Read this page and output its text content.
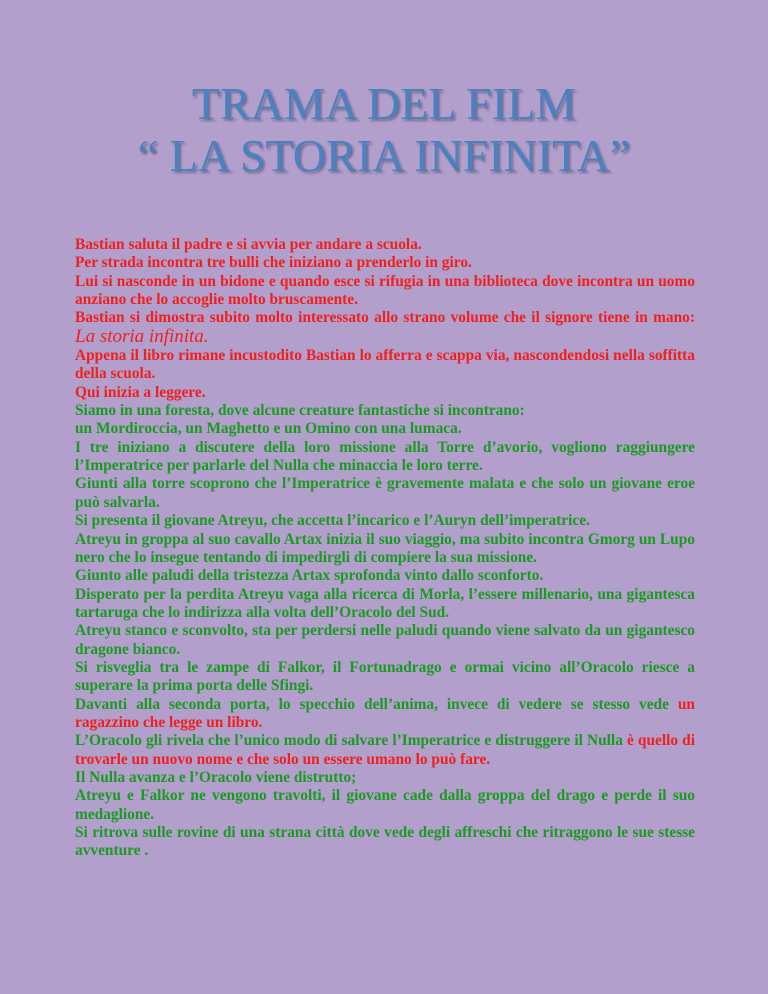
TRAMA DEL FILM
“ LA STORIA INFINITA”

Bastian saluta il padre e si avvia per andare a scuola.

Per strada incontra tre bulli che iniziano a prenderlo in giro.

Lui si nasconde in un bidone e quando esce si rifugia in una biblioteca dove incontra un uomo anziano che lo accoglie molto bruscamente.

Bastian si dimostra subito molto interessato allo strano volume che il signore tiene in mano: La storia infinita.

Appena il libro rimane incustodito Bastian lo afferra e scappa via, nascondendosi nella soffitta della scuola.

Qui inizia a leggere.

Siamo in una foresta, dove alcune creature fantastiche si incontrano:

un Mordiroccia, un Maghetto e un Omino con una lumaca.

I tre iniziano a discutere della loro missione alla Torre d’avorio, vogliono raggiungere l’Imperatrice per parlarle del Nulla che minaccia le loro terre.

Giunti alla torre scoprono che l’Imperatrice è gravemente malata e che solo un giovane eroe può salvarla.

Si presenta il giovane Atreyu, che accetta l’incarico e l’Auryn dell’imperatrice.

Atreyu in groppa al suo cavallo Artax inizia il suo viaggio, ma subito incontra Gmorg un Lupo nero che lo insegue tentando di impedirgli di compiere la sua missione.

Giunto alle paludi della tristezza Artax sprofonda vinto dallo sconforto.

Disperato per la perdita Atreyu vaga alla ricerca di Morla, l’essere millenario, una gigantesca tartaruga che lo indirizza alla volta dell’Oracolo del Sud.

Atreyu stanco e sconvolto, sta per perdersi nelle paludi quando viene salvato da un gigantesco dragone bianco.

Si risveglia tra le zampe di Falkor, il Fortunadrago e ormai vicino all’Oracolo riesce a superare la prima porta delle Sfingi.

Davanti alla seconda porta, lo specchio dell’anima, invece di vedere se stesso vede un ragazzino che legge un libro.

L’Oracolo gli rivela che l’unico modo di salvare l’Imperatrice e distruggere il Nulla è quello di trovarle un nuovo nome e che solo un essere umano lo può fare.

Il Nulla avanza e l’Oracolo viene distrutto;

Atreyu e Falkor ne vengono travolti, il giovane cade dalla groppa del drago e perde il suo medaglione.

Si ritrova sulle rovine di una strana città dove vede degli affreschi che ritraggono le sue stesse avventure .
